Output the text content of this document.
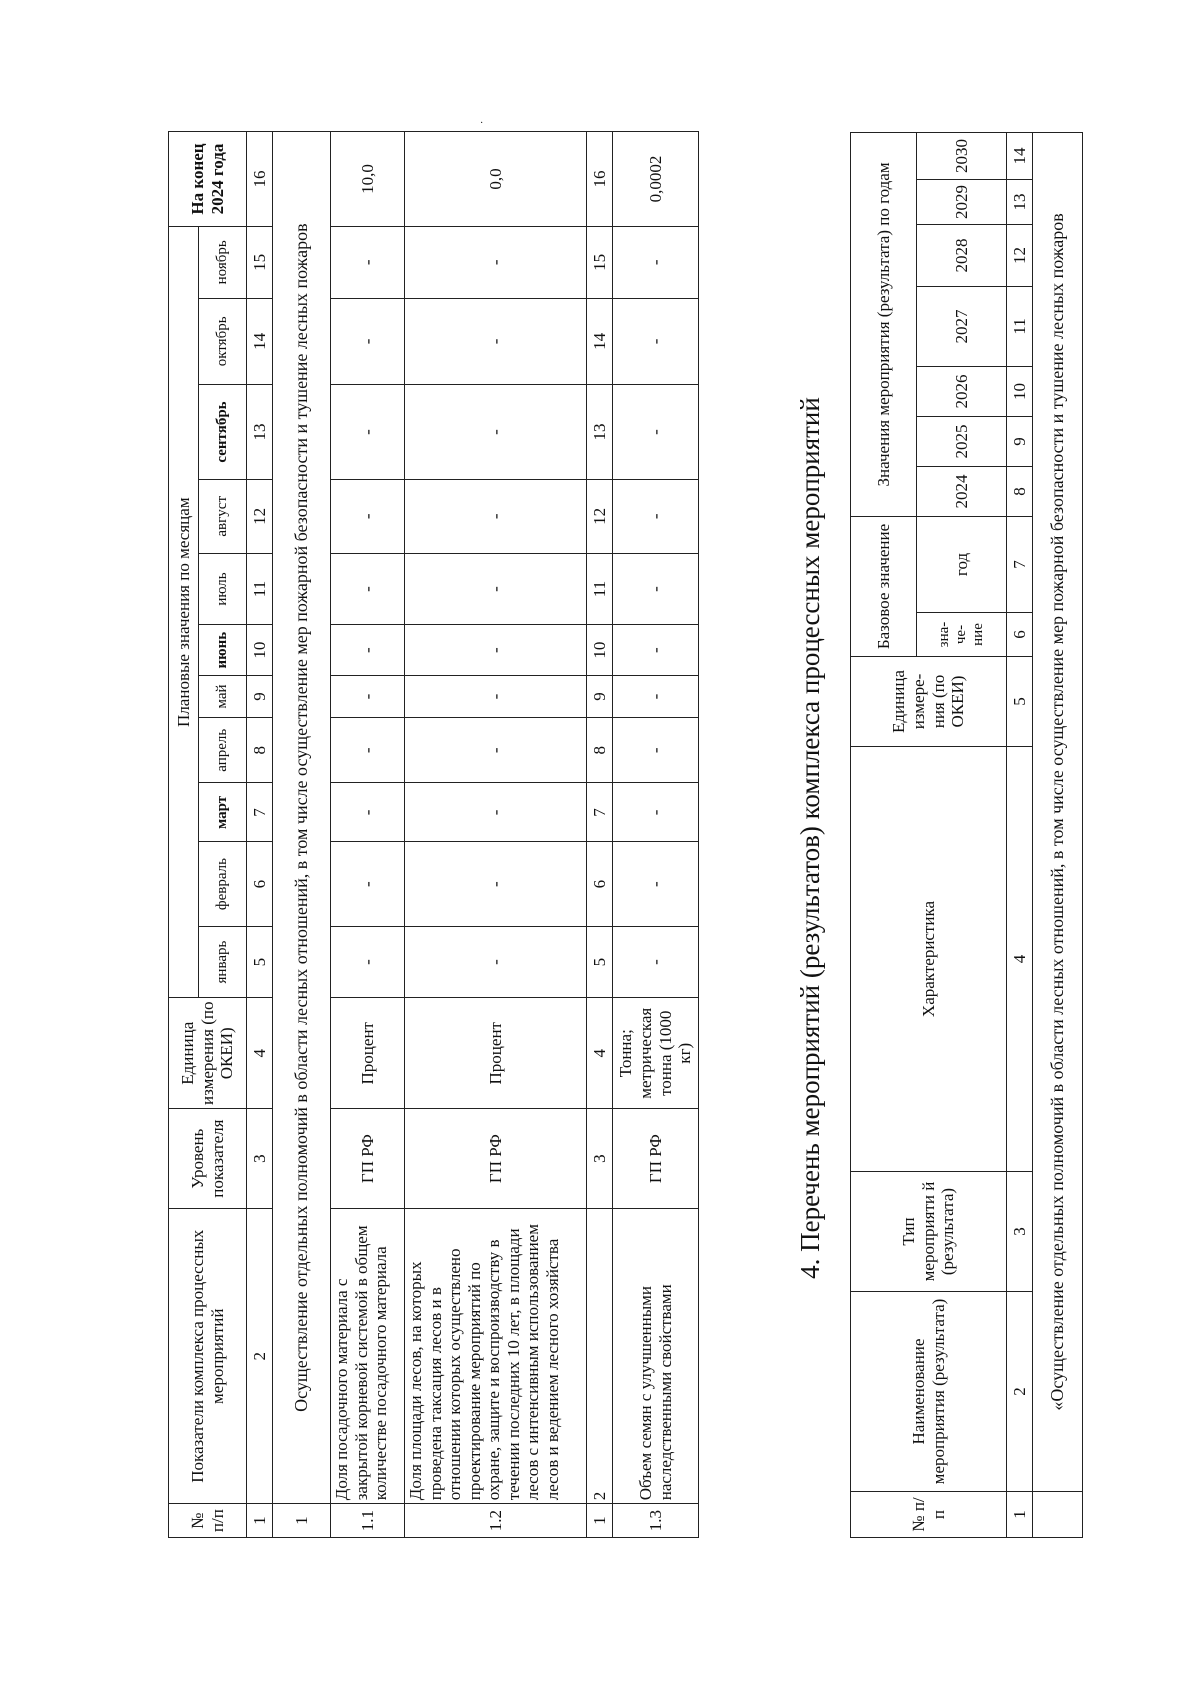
·
№ п/п	Показатели комплекса процессных мероприятий	Уровень показателя	Единица измерения (по ОКЕИ)	Плановые значения по месяцам											На конец 2024 года
				январь	февраль	март	апрель	май	июнь	июль	август	сентябрь	октябрь	ноябрь	
1	2	3	4	5	6	7	8	9	10	11	12	13	14	15	16
1	Осуществление отдельных полномочий в области лесных отношений, в том числе осуществление мер пожарной безопасности и тушение лесных пожаров														
1.1	Доля посадочного материала с закрытой корневой системой в общем количестве посадочного материала	ГП РФ	Процент	-	-	-	-	-	-	-	-	-	-	-	10,0
1.2	Доля площади лесов, на которых проведена таксация лесов и в отношении которых осуществлено проектирование мероприятий по охране, защите и воспроизводству в течении последних 10 лет, в площади лесов с интенсивным использованием лесов и ведением лесного хозяйства	ГП РФ	Процент	-	-	-	-	-	-	-	-	-	-	-	0,0
1	2	3	4	5	6	7	8	9	10	11	12	13	14	15	16
1.3	Объем семян с улучшенными наследственными свойствами	ГП РФ	Тонна; метрическая тонна (1000 кг)	-	-	-	-	-	-	-	-	-	-	-	0,0002
4. Перечень мероприятий (результатов) комплекса процессных мероприятий
№ п/ п	Наименование мероприятия (результата)	Тип мероприяти й (результата)	Характеристика	Единица измере- ния (по ОКЕИ)	Базовое значение		Значения мероприятия (результата) по годам						
					зна- че- ние	год	2024	2025	2026	2027	2028	2029	2030
1	2	3	4	5	6	7	8	9	10	11	12	13	14
	«Осуществление отдельных полномочий в области лесных отношений, в том числе осуществление мер пожарной безопасности и тушение лесных пожаров												
